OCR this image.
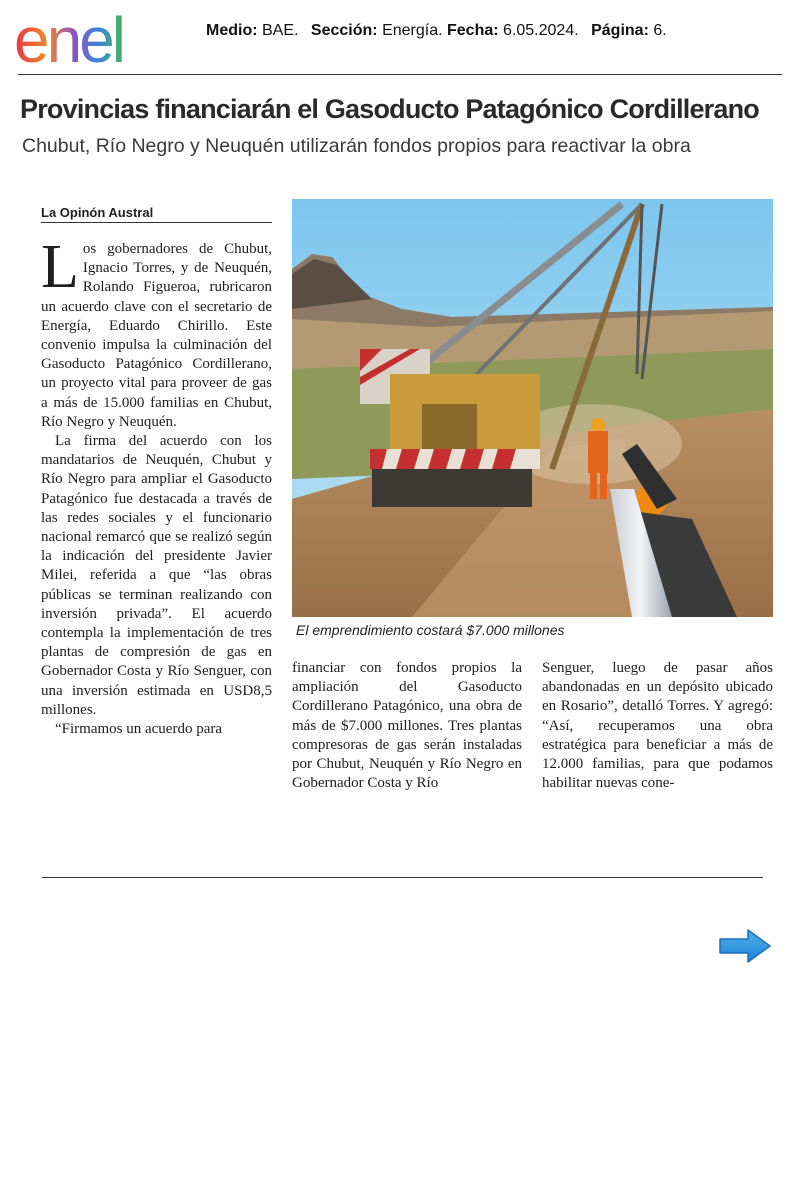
enel	Medio: BAE. Sección: Energía. Fecha: 6.05.2024. Página: 6.
Provincias financiarán el Gasoducto Patagónico Cordillerano
Chubut, Río Negro y Neuquén utilizarán fondos propios para reactivar la obra
La Opinón Austral

Los gobernadores de Chubut, Ignacio Torres, y de Neuquén, Rolando Figueroa, rubricaron un acuerdo clave con el secretario de Energía, Eduardo Chirillo. Este convenio impulsa la culminación del Gasoducto Patagónico Cordillerano, un proyecto vital para proveer de gas a más de 15.000 familias en Chubut, Río Negro y Neuquén.

La firma del acuerdo con los mandatarios de Neuquén, Chubut y Río Negro para ampliar el Gasoducto Patagónico fue destacada a través de las redes sociales y el funcionario nacional remarcó que se realizó según la indicación del presidente Javier Milei, referida a que “las obras públicas se terminan realizando con inversión privada”. El acuerdo contempla la implementación de tres plantas de compresión de gas en Gobernador Costa y Río Senguer, con una inversión estimada en USD8,5 millones.

“Firmamos un acuerdo para

El emprendimiento costará $7.000 millones

financiar con fondos propios la ampliación del Gasoducto Cordillerano Patagónico, una obra de más de $7.000 millones. Tres plantas compresoras de gas serán instaladas por Chubut, Neuquén y Río Negro en Gobernador Costa y Río

Senguer, luego de pasar años abandonadas en un depósito ubicado en Rosario”, detalló Torres. Y agregó: “Así, recuperamos una obra estratégica para beneficiar a más de 12.000 familias, para que podamos habilitar nuevas cone-
